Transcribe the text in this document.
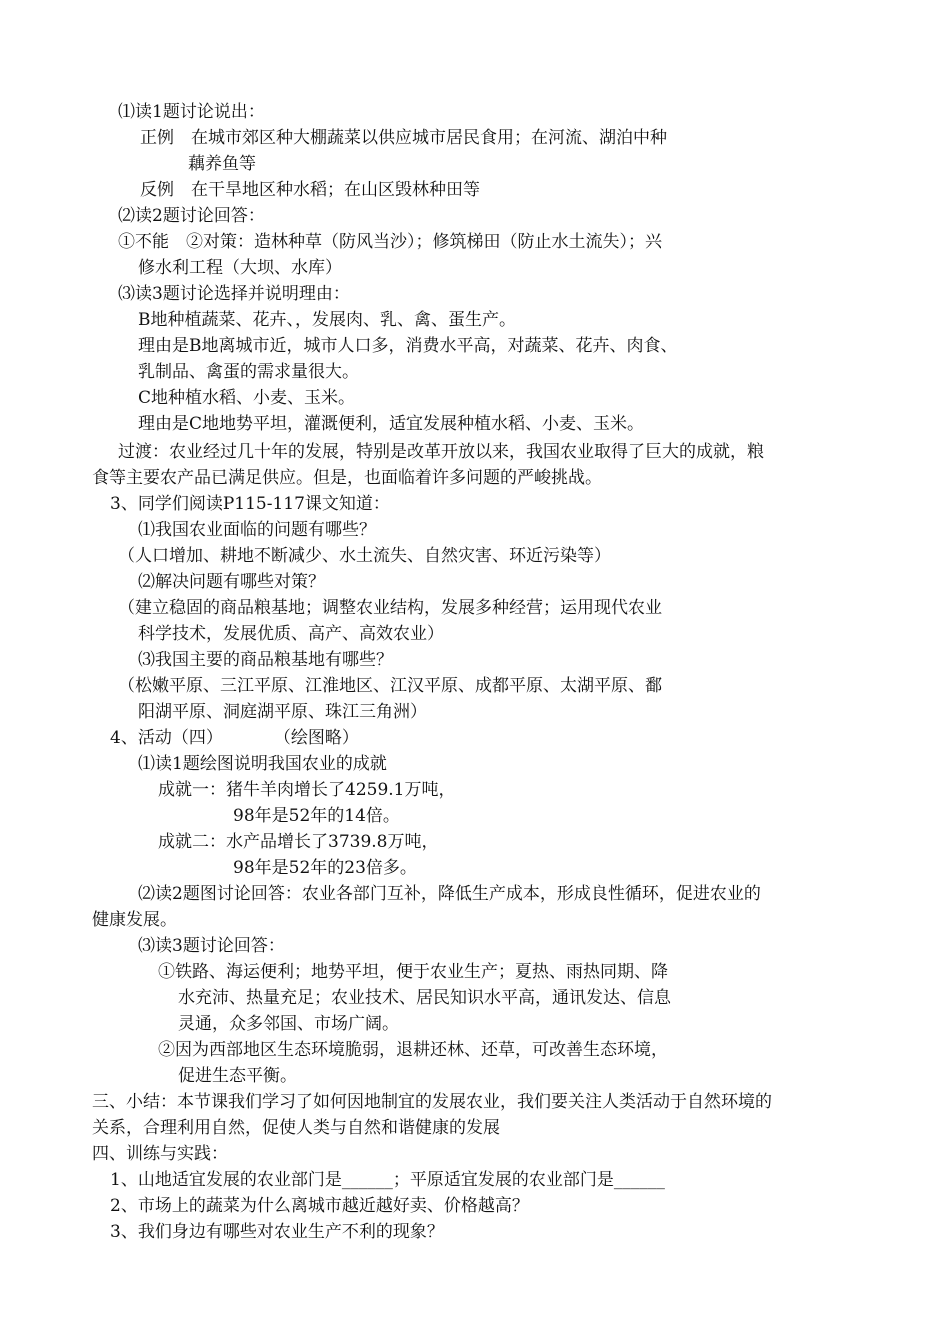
⑴读1题讨论说出：
正例　在城市郊区种大棚蔬菜以供应城市居民食用；在河流、湖泊中种
藕养鱼等
反例　在干旱地区种水稻；在山区毁林种田等
⑵读2题讨论回答：
①不能　②对策：造林种草（防风当沙）；修筑梯田（防止水土流失）；兴
修水利工程（大坝、水库）
⑶读3题讨论选择并说明理由：
B地种植蔬菜、花卉、，发展肉、乳、禽、蛋生产。
理由是B地离城市近，城市人口多，消费水平高，对蔬菜、花卉、肉食、
乳制品、禽蛋的需求量很大。
C地种植水稻、小麦、玉米。
理由是C地地势平坦，灌溉便利，适宜发展种植水稻、小麦、玉米。
过渡：农业经过几十年的发展，特别是改革开放以来，我国农业取得了巨大的成就，粮
食等主要农产品已满足供应。但是，也面临着许多问题的严峻挑战。
3、同学们阅读P115-117课文知道：
⑴我国农业面临的问题有哪些？
（人口增加、耕地不断减少、水土流失、自然灾害、环近污染等）
⑵解决问题有哪些对策？
（建立稳固的商品粮基地；调整农业结构，发展多种经营；运用现代农业
科学技术，发展优质、高产、高效农业）
⑶我国主要的商品粮基地有哪些？
（松嫩平原、三江平原、江淮地区、江汉平原、成都平原、太湖平原、鄱
阳湖平原、洞庭湖平原、珠江三角洲）
4、活动（四）　　　　（绘图略）
⑴读1题绘图说明我国农业的成就
成就一：猪牛羊肉增长了4259.1万吨，
98年是52年的14倍。
成就二：水产品增长了3739.8万吨，
98年是52年的23倍多。
⑵读2题图讨论回答：农业各部门互补，降低生产成本，形成良性循环，促进农业的
健康发展。
⑶读3题讨论回答：
①铁路、海运便利；地势平坦，便于农业生产；夏热、雨热同期、降
水充沛、热量充足；农业技术、居民知识水平高，通讯发达、信息
灵通，众多邻国、市场广阔。
②因为西部地区生态环境脆弱，退耕还林、还草，可改善生态环境，
促进生态平衡。
三、小结：本节课我们学习了如何因地制宜的发展农业，我们要关注人类活动于自然环境的
关系，合理利用自然，促使人类与自然和谐健康的发展
四、训练与实践：
1、山地适宜发展的农业部门是______；平原适宜发展的农业部门是______
2、市场上的蔬菜为什么离城市越近越好卖、价格越高？
3、我们身边有哪些对农业生产不利的现象？
